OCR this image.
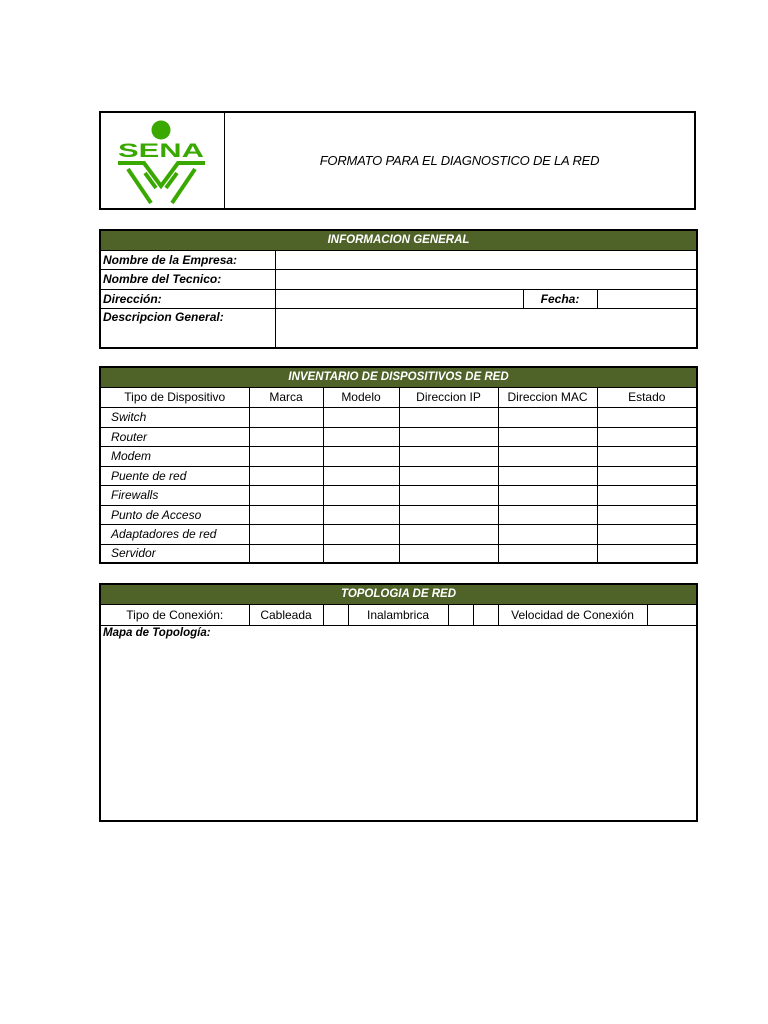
SENA	FORMATO PARA EL DIAGNOSTICO DE LA RED
INFORMACION GENERAL			
Nombre de la Empresa:			
Nombre del Tecnico:			
Dirección:		Fecha:	
Descripcion General:			
INVENTARIO DE DISPOSITIVOS DE RED					
Tipo de Dispositivo	Marca	Modelo	Direccion IP	Direccion MAC	Estado
Switch					
Router					
Modem					
Puente de red					
Firewalls					
Punto de Acceso					
Adaptadores de red					
Servidor					
TOPOLOGIA DE RED
Tipo de Conexión:	Cableada		Inalambrica			Velocidad de Conexión	

Mapa de Topología:
